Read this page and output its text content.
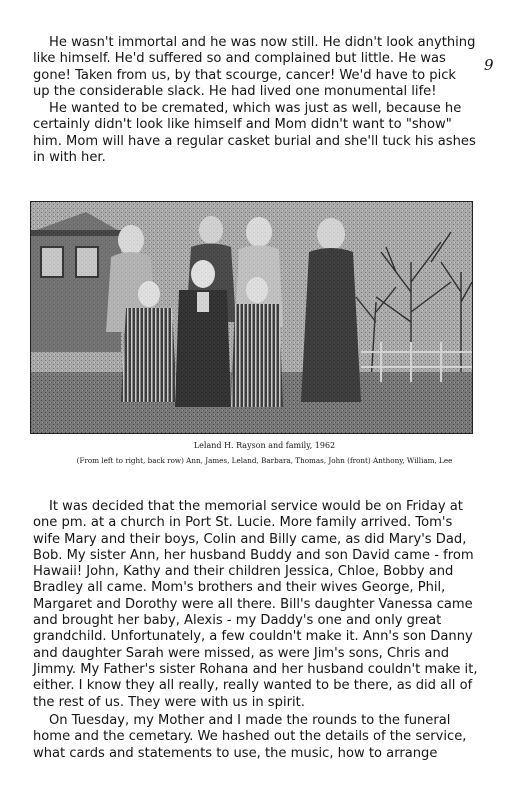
9
He wasn't immortal and he was now still. He didn't look anything
like himself. He'd suffered so and complained but little. He was
gone! Taken from us, by that scourge, cancer! We'd have to pick
up the considerable slack. He had lived one monumental life!
He wanted to be cremated, which was just as well, because he
certainly didn't look like himself and Mom didn't want to "show"
him. Mom will have a regular casket burial and she'll tuck his ashes
in with her.
Leland H. Rayson and family, 1962
(From left to right, back row) Ann, James, Leland, Barbara, Thomas, John (front) Anthony, William, Lee
It was decided that the memorial service would be on Friday at
one pm. at a church in Port St. Lucie. More family arrived. Tom's
wife Mary and their boys, Colin and Billy came, as did Mary's Dad,
Bob. My sister Ann, her husband Buddy and son David came - from
Hawaii! John, Kathy and their children Jessica, Chloe, Bobby and
Bradley all came. Mom's brothers and their wives George, Phil,
Margaret and Dorothy were all there. Bill's daughter Vanessa came
and brought her baby, Alexis - my Daddy's one and only great
grandchild. Unfortunately, a few couldn't make it. Ann's son Danny
and daughter Sarah were missed, as were Jim's sons, Chris and
Jimmy. My Father's sister Rohana and her husband couldn't make it,
either. I know they all really, really wanted to be there, as did all of
the rest of us. They were with us in spirit.
On Tuesday, my Mother and I made the rounds to the funeral
home and the cemetary. We hashed out the details of the service,
what cards and statements to use, the music, how to arrange
